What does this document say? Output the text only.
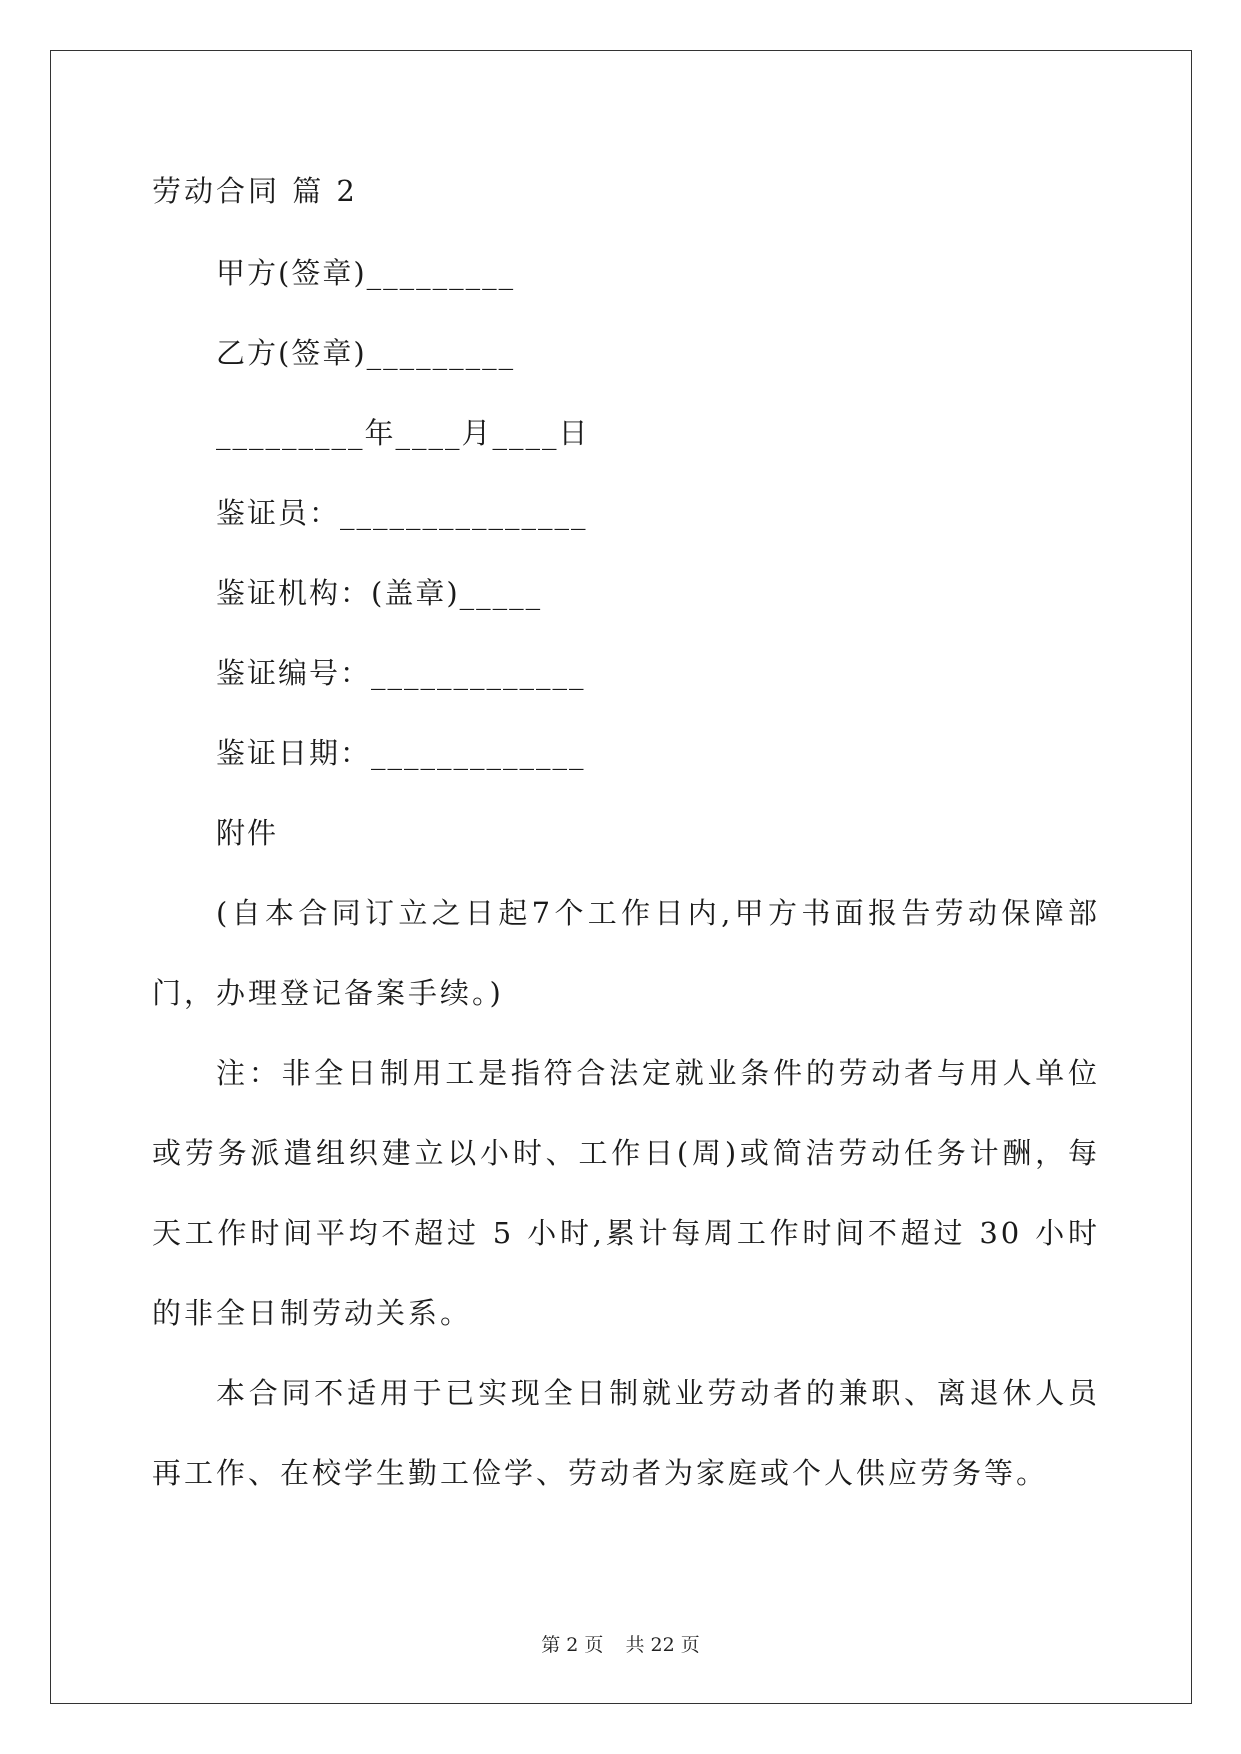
劳动合同 篇 2
甲方(签章)_________
乙方(签章)_________
_________年____月____日
鉴证员：_______________
鉴证机构：(盖章)_____
鉴证编号：_____________
鉴证日期：_____________
附件

(自本合同订立之日起7个工作日内,甲方书面报告劳动保障部门，办理登记备案手续。)

注：非全日制用工是指符合法定就业条件的劳动者与用人单位或劳务派遣组织建立以小时、工作日(周)或简洁劳动任务计酬，每天工作时间平均不超过 5 小时,累计每周工作时间不超过 30 小时的非全日制劳动关系。

本合同不适用于已实现全日制就业劳动者的兼职、离退休人员再工作、在校学生勤工俭学、劳动者为家庭或个人供应劳务等。

第 2 页 共 22 页
